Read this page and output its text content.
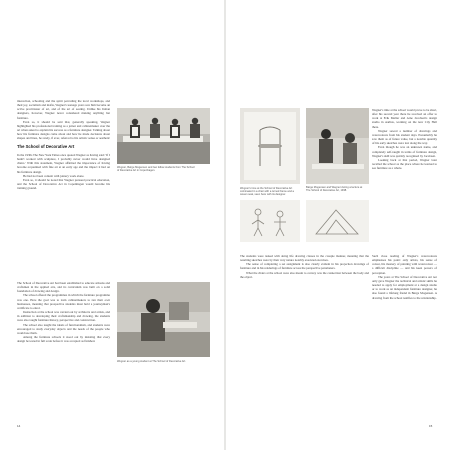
interaction, schooling and the spirit pervading the local workshops, and their joy, socialism and mafia, Wegner's teenage years saw him become an active practitioner of art, and of the art of seating. Unlike his Italian designers, however, Wegner never considered making anything but furniture.

Even so, it should be said that, generally speaking, Wegner highlighted his professional training as a joiner and cabinetmaker over the art when asked to explain his success as a furniture designer. Talking about how his furniture designs came about and how he made decisions about shapes and lines, he rarely, if ever, referred to his artistic sense or aesthetic

The School of Decorative Art

In the 1930s The New York Times once quoted Wegner as having said: 'If I hadn't worked with sculpture, I probably never would have designed chairs.' With this statement, Wegner affirmed the importance of having become acquainted with fine art at an early age and the impact it had on his furniture design.

He had not been content with joinery work alone.

Even so, it should be noted that Wegner pursued practical education, and the School of Decorative Art in Copenhagen would become his training ground.

The School of Decorative Art had been established to educate artisans and craftsmen in the applied arts, and its curriculum was built on a solid foundation of drawing and design.

The school offered the programmes in which the furniture programme was one. Here the goal was to train cabinetmakers to run their own businesses, meaning that prospective students must hold a journeyman's certificate to enrol.

Instruction at the school was carried out by architects and artists, and in addition to developing their craftsmanship and drawing, the students were also taught furniture history, perspective and construction.

The school also taught the ideals of functionalism, and students were encouraged to study everyday objects and the needs of the people who would use them.

Among the furniture schools it stood out by insisting that every design be tested in full scale before it was accepted as finished.

Wegner, Børge Mogensen and two fellow students from The School of Decorative Art in Copenhagen.
Wegner as a young student at The School of Decorative Art.
14
Wegner's time at the School of Decorative Art culminated in a chair with a turned frame and a woven seat, seen here with its designer.

Wegner's time at the school would prove to be short, after his second year there he received an offer to work at Erik Møller and Arne Jacobsen's design studio in Aarhus, working on the new City Hall there.

Wegner sewed a number of drawings and watercolours from his student days. Presumably he saw them as of future value, but a notable quantity of his early sketches were lost along the way.

Even though he was an unknown name, and completely self-taught in terms of furniture design, Wegner's skill was quickly recognised by Jacobsen.

Looking back at that period, Wegner later recalled the school as the place where he learned to see furniture as a whole.

Børge Mogensen and Wegner during a lecture at The School of Decorative Art, 1938.

The students were tasked with doing life drawing classes in the crouple manner, meaning that the resulting sketches were by their very nature notably executed exercises.

The sense of completing a set assignment is also clearly evident in his projection drawings of furniture and in his renderings of furniture across the perspective parameters.

What the chairs at the school were also meant to convey was the connection between the body and the object.

Such close reading of Wegner's watercolours emphasises his point: only artists, his sense of colour, his mastery of painting with watercolour — a difficult discipline — and his keen powers of perception.

The years at The School of Decorative Art not only gave Wegner the technical and artistic skills he needed to apply for employment at a design studio or to work as an independent furniture designer, he also found a lifelong friend in Børge Mogensen. A drawing from the school testifies to the relationship.

15
